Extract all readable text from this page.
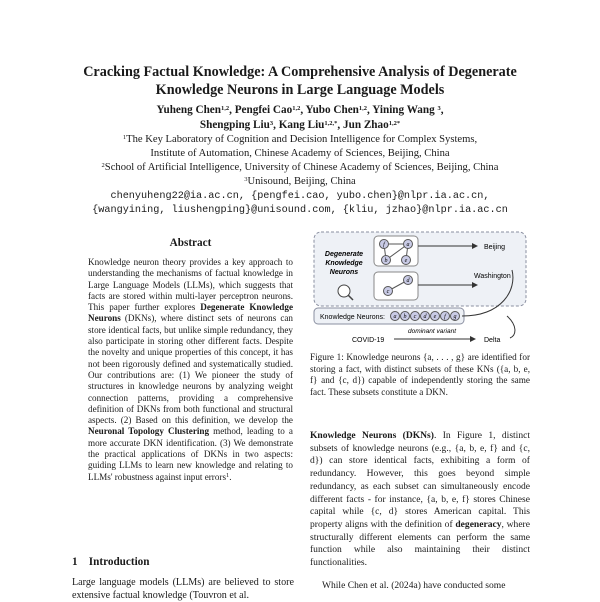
Cracking Factual Knowledge: A Comprehensive Analysis of Degenerate
Knowledge Neurons in Large Language Models
Yuheng Chen$^{1,2}$, Pengfei Cao$^{1,2}$, Yubo Chen$^{1,2}$, Yining Wang $^3$,
Shengping Liu$^3$, Kang Liu$^{1,2,*}$, Jun Zhao$^{1,2*}$
$^1$The Key Laboratory of Cognition and Decision Intelligence for Complex Systems,
Institute of Automation, Chinese Academy of Sciences, Beijing, China
$^2$School of Artificial Intelligence, University of Chinese Academy of Sciences, Beijing, China
$^3$Unisound, Beijing, China
chenyuheng22@ia.ac.cn, {pengfei.cao, yubo.chen}@nlpr.ia.ac.cn,
{wangyining, liushengping}@unisound.com, {kliu, jzhao}@nlpr.ia.ac.cn
Abstract

Knowledge neuron theory provides a key approach to understanding the mechanisms of factual knowledge in Large Language Models (LLMs), which suggests that facts are stored within multi-layer perceptron neurons. This paper further explores Degenerate Knowledge Neurons (DKNs), where distinct sets of neurons can store identical facts, but unlike simple redundancy, they also participate in storing other different facts. Despite the novelty and unique properties of this concept, it has not been rigorously defined and systematically studied. Our contributions are: (1) We pioneer the study of structures in knowledge neurons by analyzing weight connection patterns, providing a comprehensive definition of DKNs from both functional and structural aspects. (2) Based on this definition, we develop the Neuronal Topology Clustering method, leading to a more accurate DKN identification. (3) We demonstrate the practical applications of DKNs in two aspects: guiding LLMs to learn new knowledge and relating to LLMs' robustness against input errors$^1$.

1 Introduction
Large language models (LLMs) are believed to store extensive factual knowledge (Touvron et al.
Degenerate Knowledge Neurons
f	a
b	e
d
c
Beijing
Washington
Knowledge Neurons: a b c d e f g
COVID-19
dominant variant
Delta
Figure 1: Knowledge neurons {a, . . . , g} are identified for storing a fact, with distinct subsets of these KNs ({a, b, e, f} and {c, d}) capable of independently storing the same fact. These subsets constitute a DKN.

Knowledge Neurons (DKNs). In Figure 1, distinct subsets of knowledge neurons (e.g., {a, b, e, f} and {c, d}) can store identical facts, exhibiting a form of redundancy. However, this goes beyond simple redundancy, as each subset can simultaneously encode different facts - for instance, {a, b, e, f} stores Chinese capital while {c, d} stores American capital. This property aligns with the definition of degeneracy, where structurally different elements can perform the same function while also maintaining their distinct functionalities.

While Chen et al. (2024a) have conducted some
